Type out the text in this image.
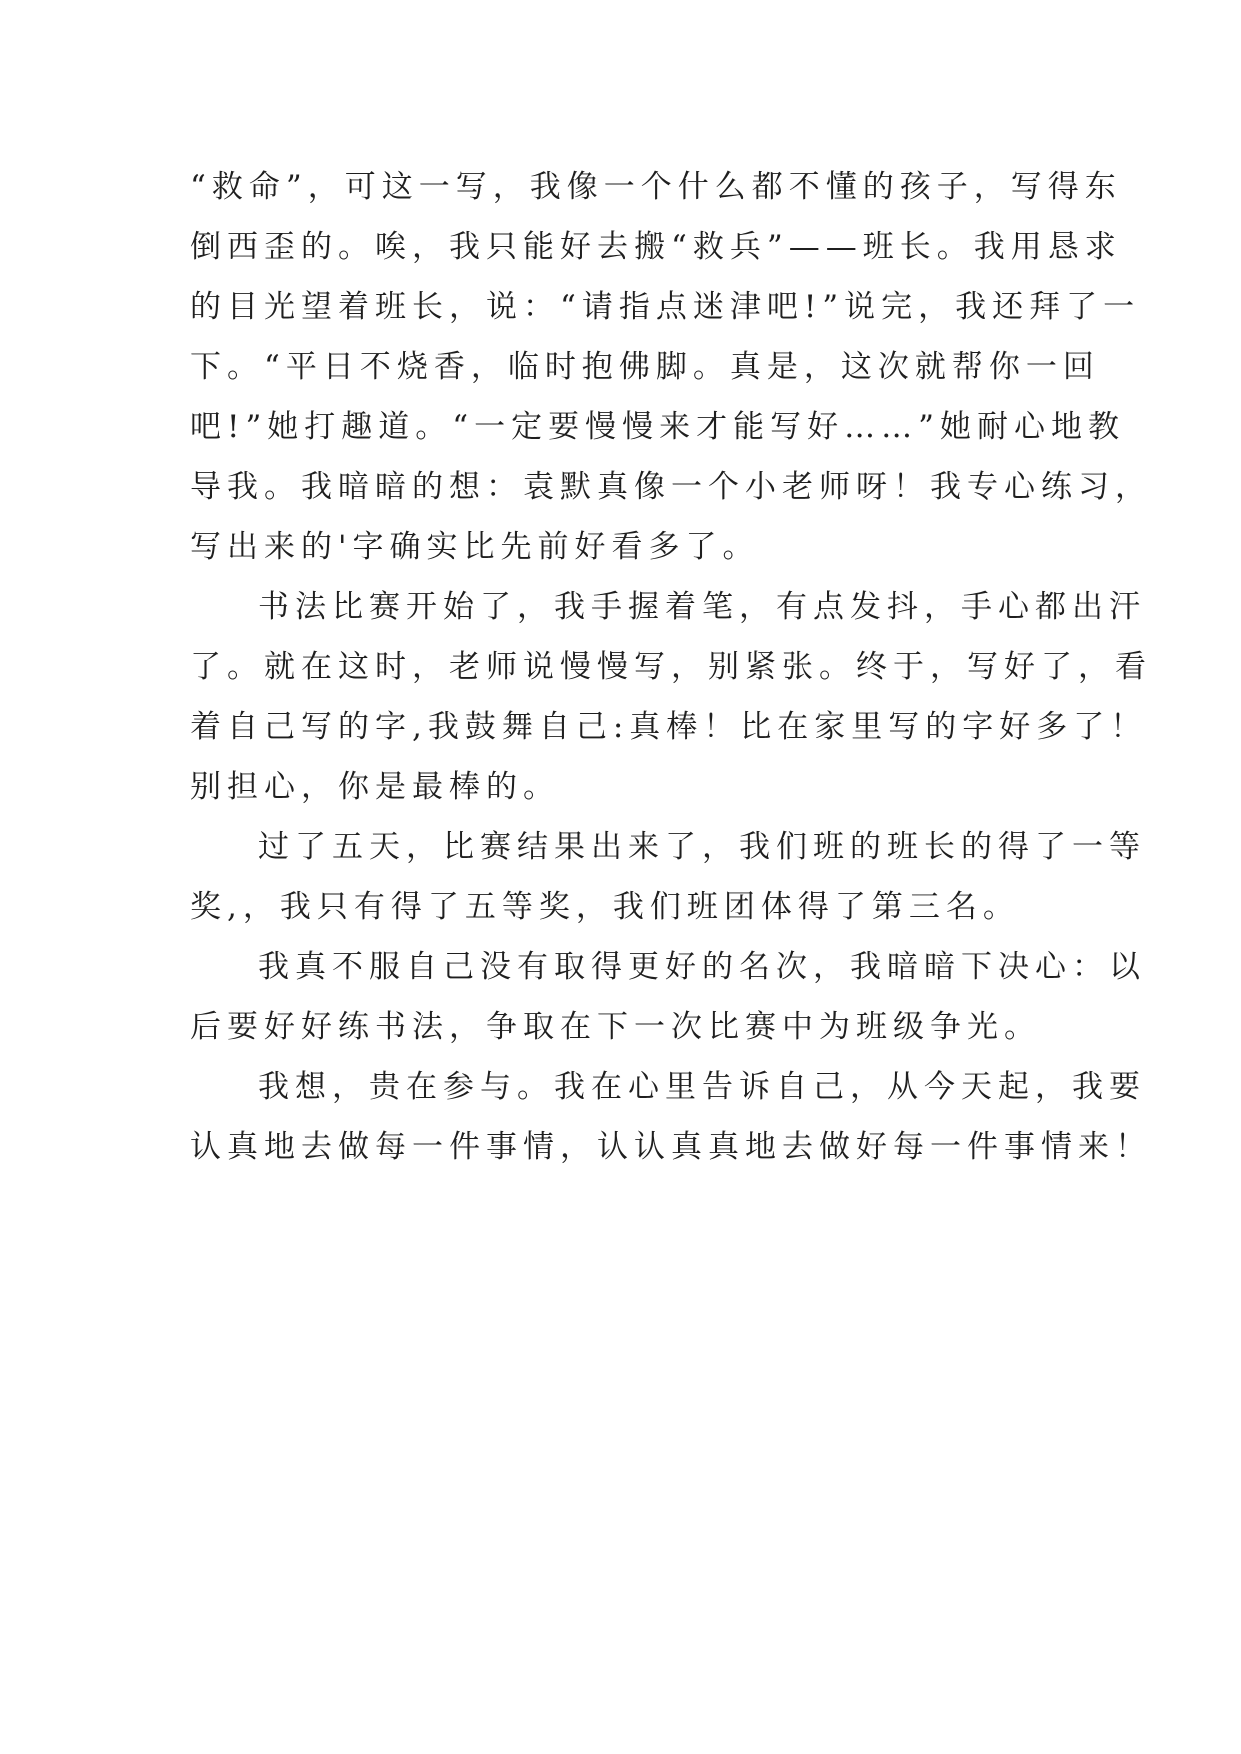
“救命”，可这一写，我像一个什么都不懂的孩子，写得东
倒西歪的。唉，我只能好去搬“救兵”——班长。我用恳求
的目光望着班长，说：“请指点迷津吧!”说完，我还拜了一
下。“平日不烧香，临时抱佛脚。真是，这次就帮你一回
吧!”她打趣道。“一定要慢慢来才能写好……”她耐心地教
导我。我暗暗的想：袁默真像一个小老师呀！我专心练习，
写出来的'字确实比先前好看多了。
书法比赛开始了，我手握着笔，有点发抖，手心都出汗
了。就在这时，老师说慢慢写，别紧张。终于，写好了，看
着自己写的字,我鼓舞自己:真棒！比在家里写的字好多了！
别担心，你是最棒的。
过了五天，比赛结果出来了，我们班的班长的得了一等
奖,，我只有得了五等奖，我们班团体得了第三名。
我真不服自己没有取得更好的名次，我暗暗下决心：以
后要好好练书法，争取在下一次比赛中为班级争光。
我想，贵在参与。我在心里告诉自己，从今天起，我要
认真地去做每一件事情，认认真真地去做好每一件事情来！
